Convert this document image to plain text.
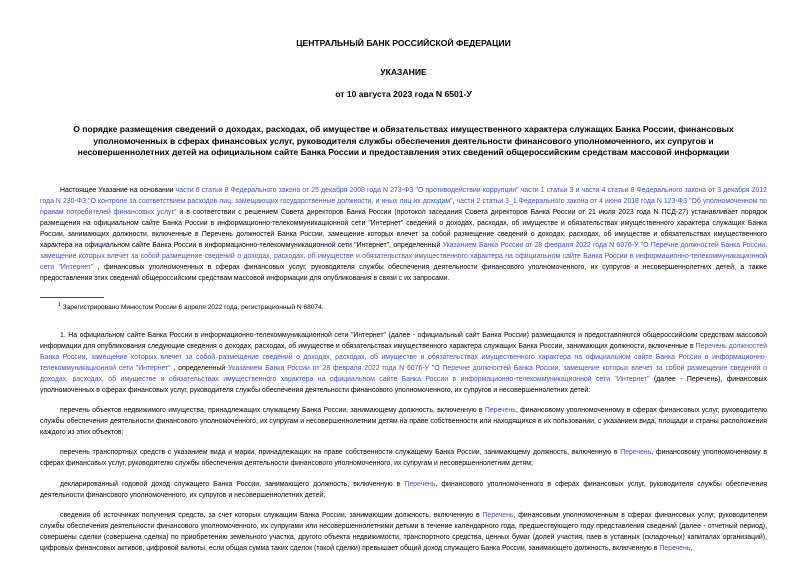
ЦЕНТРАЛЬНЫЙ БАНК РОССИЙСКОЙ ФЕДЕРАЦИИ
УКАЗАНИЕ
от 10 августа 2023 года N 6501-У
О порядке размещения сведений о доходах, расходах, об имуществе и обязательствах имущественного характера служащих Банка России, финансовых уполномоченных в сферах финансовых услуг, руководителя службы обеспечения деятельности финансового уполномоченного, их супругов и несовершеннолетних детей на официальном сайте Банка России и предоставления этих сведений общероссийским средствам массовой информации

Настоящее Указание на основании части 6 статьи 8 Федерального закона от 25 декабря 2008 года N 273-ФЗ "О противодействии коррупции" части 1 статьи 3 и части 4 статьи 8 Федерального закона от 3 декабря 2012 года N 230-ФЗ "О контроле за соответствием расходов лиц, замещающих государственные должности, и иных лиц их доходам", части 2 статьи 3_1 Федерального закона от 4 июня 2018 года N 123-ФЗ "Об уполномоченном по правам потребителей финансовых услуг" и в соответствии с решением Совета директоров Банка России (протокол заседания Совета директоров Банка России от 21 июля 2023 года N ПСД-27) устанавливает порядок размещения на официальном сайте Банка России в информационно-телекоммуникационной сети "Интернет" сведений о доходах, расходах, об имуществе и обязательствах имущественного характера служащих Банка России, занимающих должности, включенные в Перечень должностей Банка России, замещение которых влечет за собой размещение сведений о доходах, расходах, об имуществе и обязательствах имущественного характера на официальном сайте Банка России в информационно-телекоммуникационной сети "Интернет", определенный Указанием Банка России от 28 февраля 2022 года N 6076-У "О Перечне должностей Банка России, замещение которых влечет за собой размещение сведений о доходах, расходах, об имуществе и обязательствах имущественного характера на официальном сайте Банка России в информационно-телекоммуникационной сети "Интернет" , финансовых уполномоченных в сферах финансовых услуг, руководителя службы обеспечения деятельности финансового уполномоченного, их супругов и несовершеннолетних детей, а также предоставления этих сведений общероссийским средствам массовой информации для опубликования в связи с их запросами.

$^1$ Зарегистрировано Минюстом России 6 апреля 2022 года, регистрационный N 68074.

1. На официальном сайте Банка России в информационно-телекоммуникационной сети "Интернет" (далее - официальный сайт Банка России) размещаются и предоставляются общероссийским средствам массовой информации для опубликования следующие сведения о доходах, расходах, об имуществе и обязательствах имущественного характера служащих Банка России, занимающих должности, включенные в Перечень должностей Банка России, замещение которых влечет за собой размещение сведений о доходах, расходах, об имуществе и обязательствах имущественного характера на официальном сайте Банка России в информационно-телекоммуникационной сети "Интернет" , определенный Указанием Банка России от 28 февраля 2022 года N 6076-У "О Перечне должностей Банка России, замещение которых влечет за собой размещение сведений о доходах, расходах, об имуществе и обязательствах имущественного характера на официальном сайте Банка России в информационно-телекоммуникационной сети "Интернет" (далее - Перечень), финансовых уполномоченных в сферах финансовых услуг, руководителя службы обеспечения деятельности финансового уполномоченного, их супругов и несовершеннолетних детей:

перечень объектов недвижимого имущества, принадлежащих служащему Банка России, занимающему должность, включенную в Перечень, финансовому уполномоченному в сферах финансовых услуг, руководителю службы обеспечения деятельности финансового уполномоченного, их супругам и несовершеннолетним детям на праве собственности или находящихся в их пользовании, с указанием вида, площади и страны расположения каждого из этих объектов;

перечень транспортных средств с указанием вида и марки, принадлежащих на праве собственности служащему Банка России, занимающему должность, включенную в Перечень, финансовому уполномоченному в сферах финансовых услуг, руководителю службы обеспечения деятельности финансового уполномоченного, их супругам и несовершеннолетним детям;

декларированный годовой доход служащего Банка России, занимающего должность, включенную в Перечень, финансового уполномоченного в сферах финансовых услуг, руководителя службы обеспечения деятельности финансового уполномоченного, их супругов и несовершеннолетних детей;

сведения об источниках получения средств, за счет которых служащим Банка России, занимающим должность, включенную в Перечень, финансовым уполномоченным в сферах финансовых услуг, руководителем службы обеспечения деятельности финансового уполномоченного, их супругами или несовершеннолетними детьми в течение календарного года, предшествующего году представления сведений (далее - отчетный период), совершены сделки (совершена сделка) по приобретению земельного участка, другого объекта недвижимости, транспортного средства, ценных бумаг (долей участия, паев в уставных (складочных) капиталах организаций), цифровых финансовых активов, цифровой валюты, если общая сумма таких сделок (такой сделки) превышает общий доход служащего Банка России, занимающего должность, включенную в Перечень,
